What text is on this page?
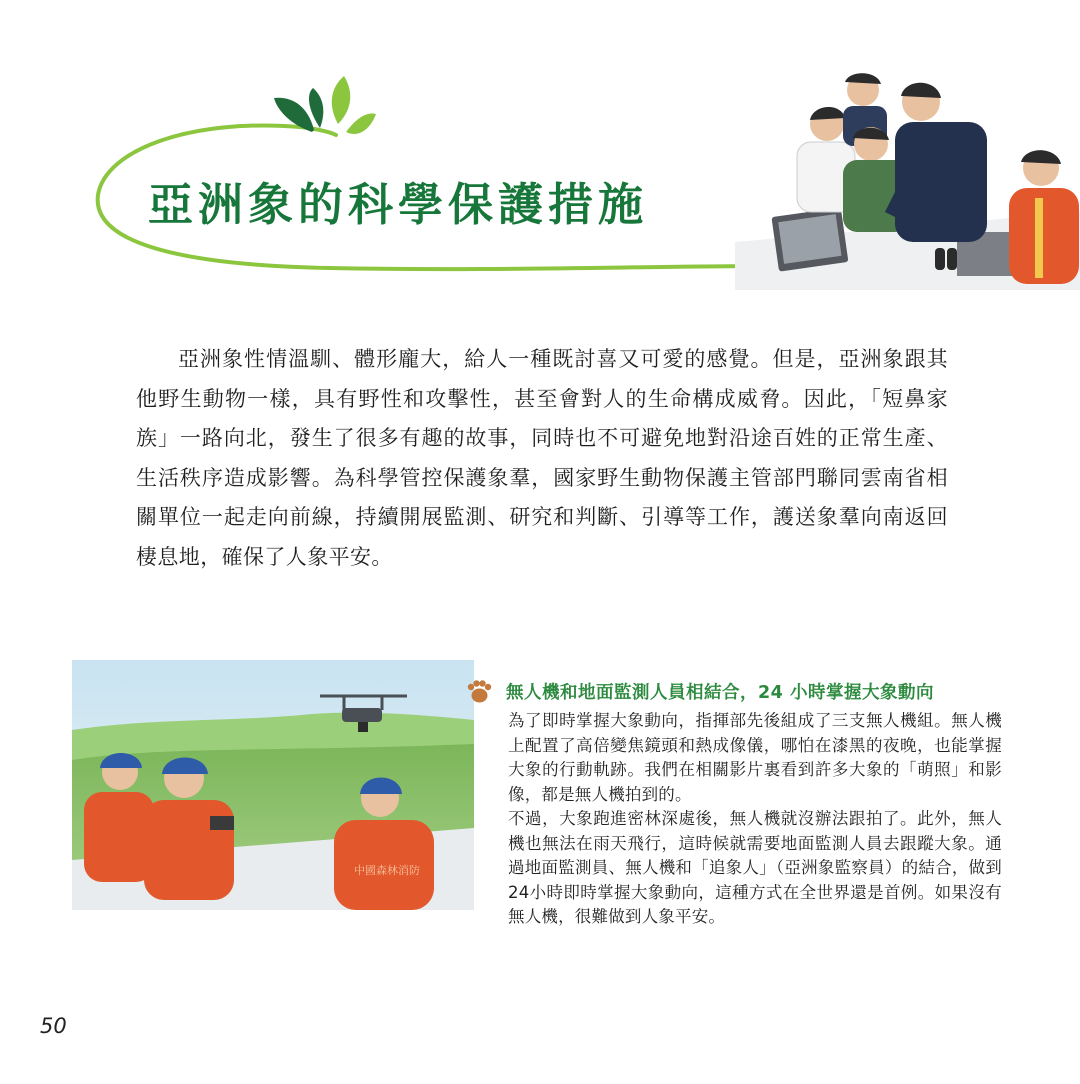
亞洲象的科學保護措施

亞洲象性情溫馴、體形龐大，給人一種既討喜又可愛的感覺。但是，亞洲象跟其他野生動物一樣，具有野性和攻擊性，甚至會對人的生命構成威脅。因此，「短鼻家族」一路向北，發生了很多有趣的故事，同時也不可避免地對沿途百姓的正常生產、生活秩序造成影響。為科學管控保護象羣，國家野生動物保護主管部門聯同雲南省相關單位一起走向前線，持續開展監測、研究和判斷、引導等工作，護送象羣向南返回棲息地，確保了人象平安。

中國森林消防
無人機和地面監測人員相結合，24 小時掌握大象動向

為了即時掌握大象動向，指揮部先後組成了三支無人機組。無人機上配置了高倍變焦鏡頭和熱成像儀，哪怕在漆黑的夜晚，也能掌握大象的行動軌跡。我們在相關影片裏看到許多大象的「萌照」和影像，都是無人機拍到的。

不過，大象跑進密林深處後，無人機就沒辦法跟拍了。此外，無人機也無法在雨天飛行，這時候就需要地面監測人員去跟蹤大象。通過地面監測員、無人機和「追象人」（亞洲象監察員）的結合，做到24小時即時掌握大象動向，這種方式在全世界還是首例。如果沒有無人機，很難做到人象平安。

50
